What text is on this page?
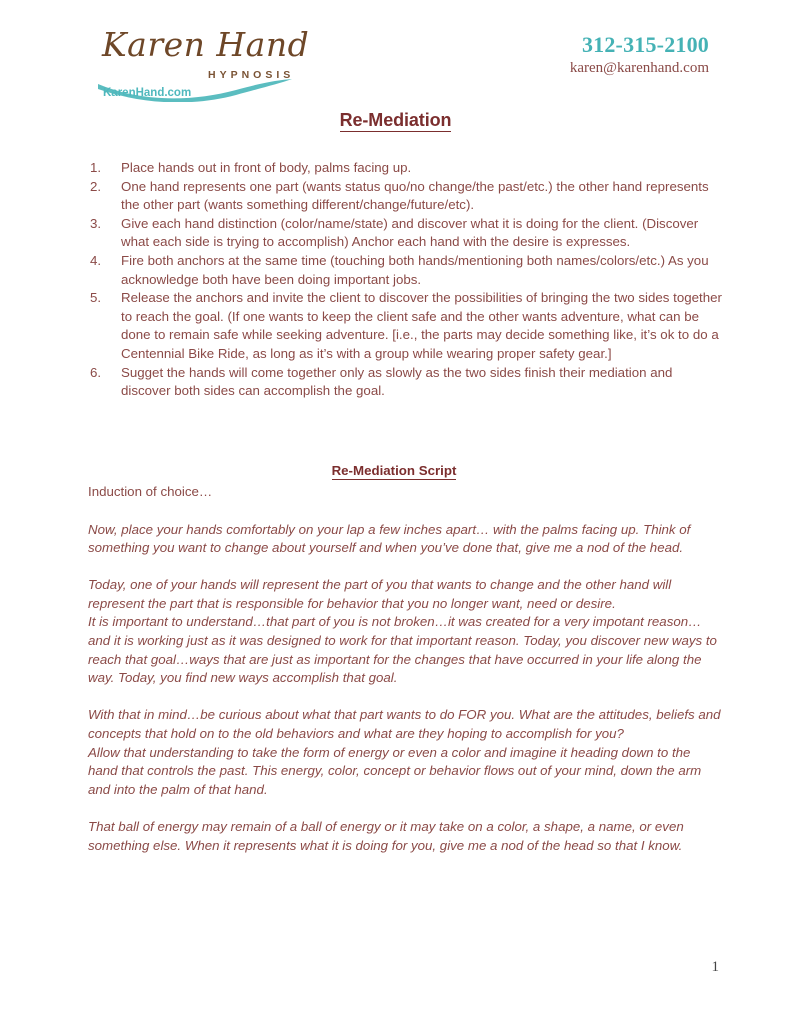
Karen Hand
HYPNOSIS
KarenHand.com
312-315-2100
karen@karenhand.com
Re-Mediation
1.	Place hands out in front of body, palms facing up.
2.	One hand represents one part (wants status quo/no change/the past/etc.) the other hand represents the other part (wants something different/change/future/etc).
3.	Give each hand distinction (color/name/state) and discover what it is doing for the client. (Discover what each side is trying to accomplish) Anchor each hand with the desire is expresses.
4.	Fire both anchors at the same time (touching both hands/mentioning both names/colors/etc.) As you acknowledge both have been doing important jobs.
5.	Release the anchors and invite the client to discover the possibilities of bringing the two sides together to reach the goal. (If one wants to keep the client safe and the other wants adventure, what can be done to remain safe while seeking adventure. [i.e., the parts may decide something like, it’s ok to do a Centennial Bike Ride, as long as it’s with a group while wearing proper safety gear.]
6.	Sugget the hands will come together only as slowly as the two sides finish their mediation and discover both sides can accomplish the goal.
Re-Mediation Script
Induction of choice…

Now, place your hands comfortably on your lap a few inches apart… with the palms facing up. Think of something you want to change about yourself and when you’ve done that, give me a nod of the head.

Today, one of your hands will represent the part of you that wants to change and the other hand will represent the part that is responsible for behavior that you no longer want, need or desire.

It is important to understand…that part of you is not broken…it was created for a very impotant reason…and it is working just as it was designed to work for that important reason. Today, you discover new ways to reach that goal…ways that are just as important for the changes that have occurred in your life along the way. Today, you find new ways accomplish that goal.

With that in mind…be curious about what that part wants to do FOR you. What are the attitudes, beliefs and concepts that hold on to the old behaviors and what are they hoping to accomplish for you?

Allow that understanding to take the form of energy or even a color and imagine it heading down to the hand that controls the past. This energy, color, concept or behavior flows out of your mind, down the arm and into the palm of that hand.

That ball of energy may remain of a ball of energy or it may take on a color, a shape, a name, or even something else. When it represents what it is doing for you, give me a nod of the head so that I know.

1
